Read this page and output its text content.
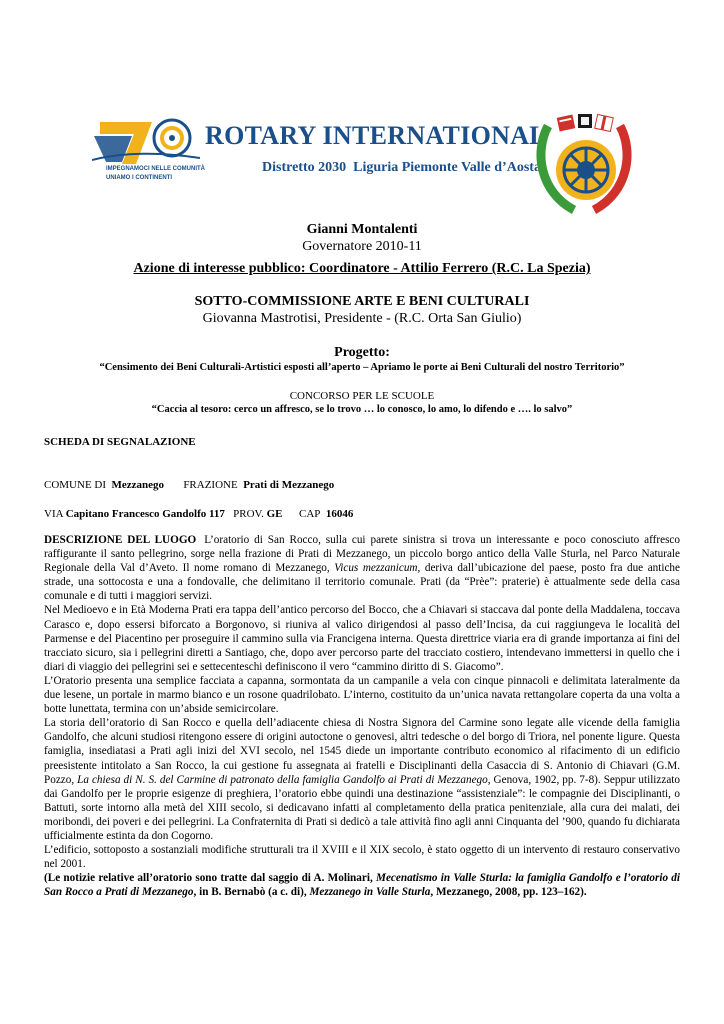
IMPEGNAMOCI NELLE COMUNITÀ
UNIAMO I CONTINENTI
ROTARY INTERNATIONAL
Distretto 2030 Liguria Piemonte Valle d’Aosta
Gianni Montalenti
Governatore 2010-11
Azione di interesse pubblico: Coordinatore - Attilio Ferrero (R.C. La Spezia)
SOTTO-COMMISSIONE ARTE E BENI CULTURALI
Giovanna Mastrotisi, Presidente - (R.C. Orta San Giulio)
Progetto:
“Censimento dei Beni Culturali-Artistici esposti all’aperto – Apriamo le porte ai Beni Culturali del nostro Territorio”
CONCORSO PER LE SCUOLE
“Caccia al tesoro: cerco un affresco, se lo trovo … lo conosco, lo amo, lo difendo e …. lo salvo”
SCHEDA DI SEGNALAZIONE
COMUNE DI Mezzanego FRAZIONE Prati di Mezzanego
VIA Capitano Francesco Gandolfo 117 PROV. GE CAP 16046

DESCRIZIONE DEL LUOGO L’oratorio di San Rocco, sulla cui parete sinistra si trova un interessante e poco conosciuto affresco raffigurante il santo pellegrino, sorge nella frazione di Prati di Mezzanego, un piccolo borgo antico della Valle Sturla, nel Parco Naturale Regionale della Val d’Aveto. Il nome romano di Mezzanego, Vicus mezzanicum, deriva dall’ubicazione del paese, posto fra due antiche strade, una sottocosta e una a fondovalle, che delimitano il territorio comunale. Prati (da “Prèe”: praterie) è attualmente sede della casa comunale e di tutti i maggiori servizi.

Nel Medioevo e in Età Moderna Prati era tappa dell’antico percorso del Bocco, che a Chiavari si staccava dal ponte della Maddalena, toccava Carasco e, dopo essersi biforcato a Borgonovo, si riuniva al valico dirigendosi al passo dell’Incisa, da cui raggiungeva le località del Parmense e del Piacentino per proseguire il cammino sulla via Francigena interna. Questa direttrice viaria era di grande importanza ai fini del tracciato sicuro, sia i pellegrini diretti a Santiago, che, dopo aver percorso parte del tracciato costiero, intendevano immettersi in quello che i diari di viaggio dei pellegrini sei e settecenteschi definiscono il vero “cammino diritto di S. Giacomo”.

L’Oratorio presenta una semplice facciata a capanna, sormontata da un campanile a vela con cinque pinnacoli e delimitata lateralmente da due lesene, un portale in marmo bianco e un rosone quadrilobato. L’interno, costituito da un’unica navata rettangolare coperta da una volta a botte lunettata, termina con un’abside semicircolare.

La storia dell’oratorio di San Rocco e quella dell’adiacente chiesa di Nostra Signora del Carmine sono legate alle vicende della famiglia Gandolfo, che alcuni studiosi ritengono essere di origini autoctone o genovesi, altri tedesche o del borgo di Triora, nel ponente ligure. Questa famiglia, insediatasi a Prati agli inizi del XVI secolo, nel 1545 diede un importante contributo economico al rifacimento di un edificio preesistente intitolato a San Rocco, la cui gestione fu assegnata ai fratelli e Disciplinanti della Casaccia di S. Antonio di Chiavari (G.M. Pozzo, La chiesa di N. S. del Carmine di patronato della famiglia Gandolfo ai Prati di Mezzanego, Genova, 1902, pp. 7-8). Seppur utilizzato dai Gandolfo per le proprie esigenze di preghiera, l’oratorio ebbe quindi una destinazione “assistenziale”: le compagnie dei Disciplinanti, o Battuti, sorte intorno alla metà del XIII secolo, si dedicavano infatti al completamento della pratica penitenziale, alla cura dei malati, dei moribondi, dei poveri e dei pellegrini. La Confraternita di Prati si dedicò a tale attività fino agli anni Cinquanta del ’900, quando fu dichiarata ufficialmente estinta da don Cogorno.

L’edificio, sottoposto a sostanziali modifiche strutturali tra il XVIII e il XIX secolo, è stato oggetto di un intervento di restauro conservativo nel 2001.

(Le notizie relative all’oratorio sono tratte dal saggio di A. Molinari, Mecenatismo in Valle Sturla: la famiglia Gandolfo e l’oratorio di San Rocco a Prati di Mezzanego, in B. Bernabò (a c. di), Mezzanego in Valle Sturla, Mezzanego, 2008, pp. 123–162).
